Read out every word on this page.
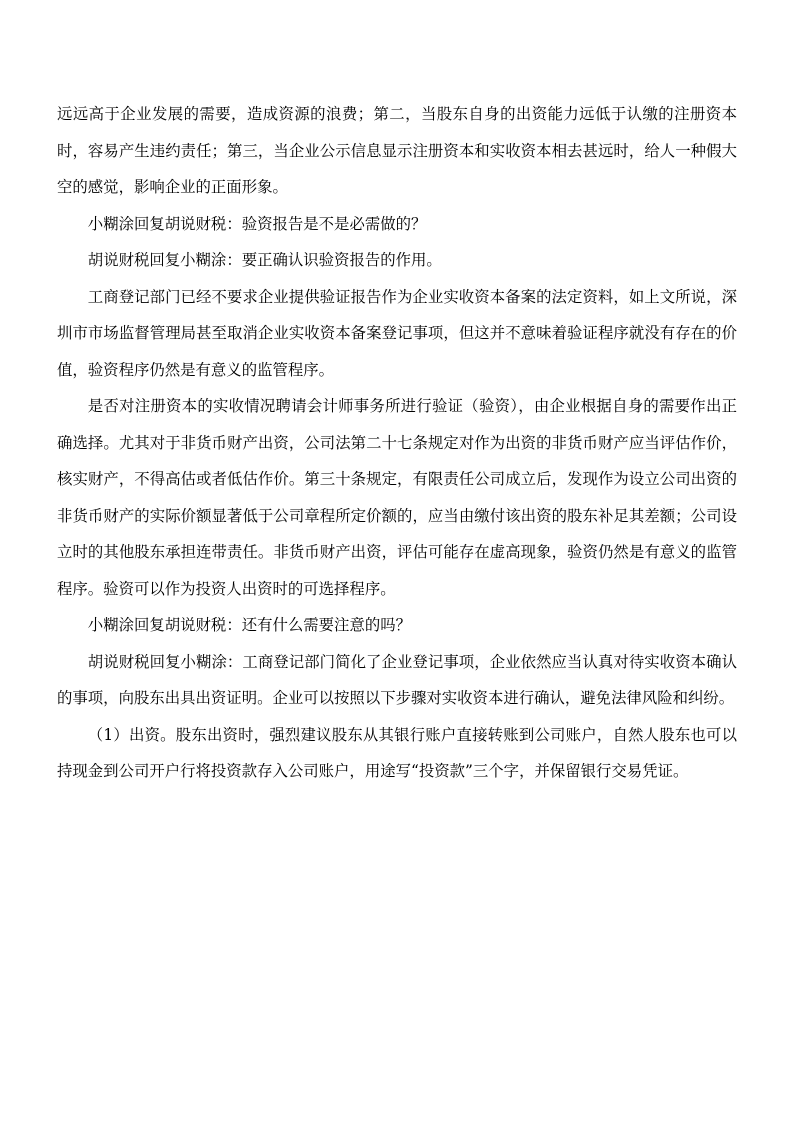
远远高于企业发展的需要，造成资源的浪费；第二，当股东自身的出资能力远低于认缴的注册资本时，容易产生违约责任；第三，当企业公示信息显示注册资本和实收资本相去甚远时，给人一种假大空的感觉，影响企业的正面形象。

小糊涂回复胡说财税：验资报告是不是必需做的？

胡说财税回复小糊涂：要正确认识验资报告的作用。

工商登记部门已经不要求企业提供验证报告作为企业实收资本备案的法定资料，如上文所说，深圳市市场监督管理局甚至取消企业实收资本备案登记事项，但这并不意味着验证程序就没有存在的价值，验资程序仍然是有意义的监管程序。

是否对注册资本的实收情况聘请会计师事务所进行验证（验资），由企业根据自身的需要作出正确选择。尤其对于非货币财产出资，公司法第二十七条规定对作为出资的非货币财产应当评估作价，核实财产，不得高估或者低估作价。第三十条规定，有限责任公司成立后，发现作为设立公司出资的非货币财产的实际价额显著低于公司章程所定价额的，应当由缴付该出资的股东补足其差额；公司设立时的其他股东承担连带责任。非货币财产出资，评估可能存在虚高现象，验资仍然是有意义的监管程序。验资可以作为投资人出资时的可选择程序。

小糊涂回复胡说财税：还有什么需要注意的吗？

胡说财税回复小糊涂：工商登记部门简化了企业登记事项，企业依然应当认真对待实收资本确认的事项，向股东出具出资证明。企业可以按照以下步骤对实收资本进行确认，避免法律风险和纠纷。

（1）出资。股东出资时，强烈建议股东从其银行账户直接转账到公司账户，自然人股东也可以持现金到公司开户行将投资款存入公司账户，用途写“投资款”三个字，并保留银行交易凭证。
